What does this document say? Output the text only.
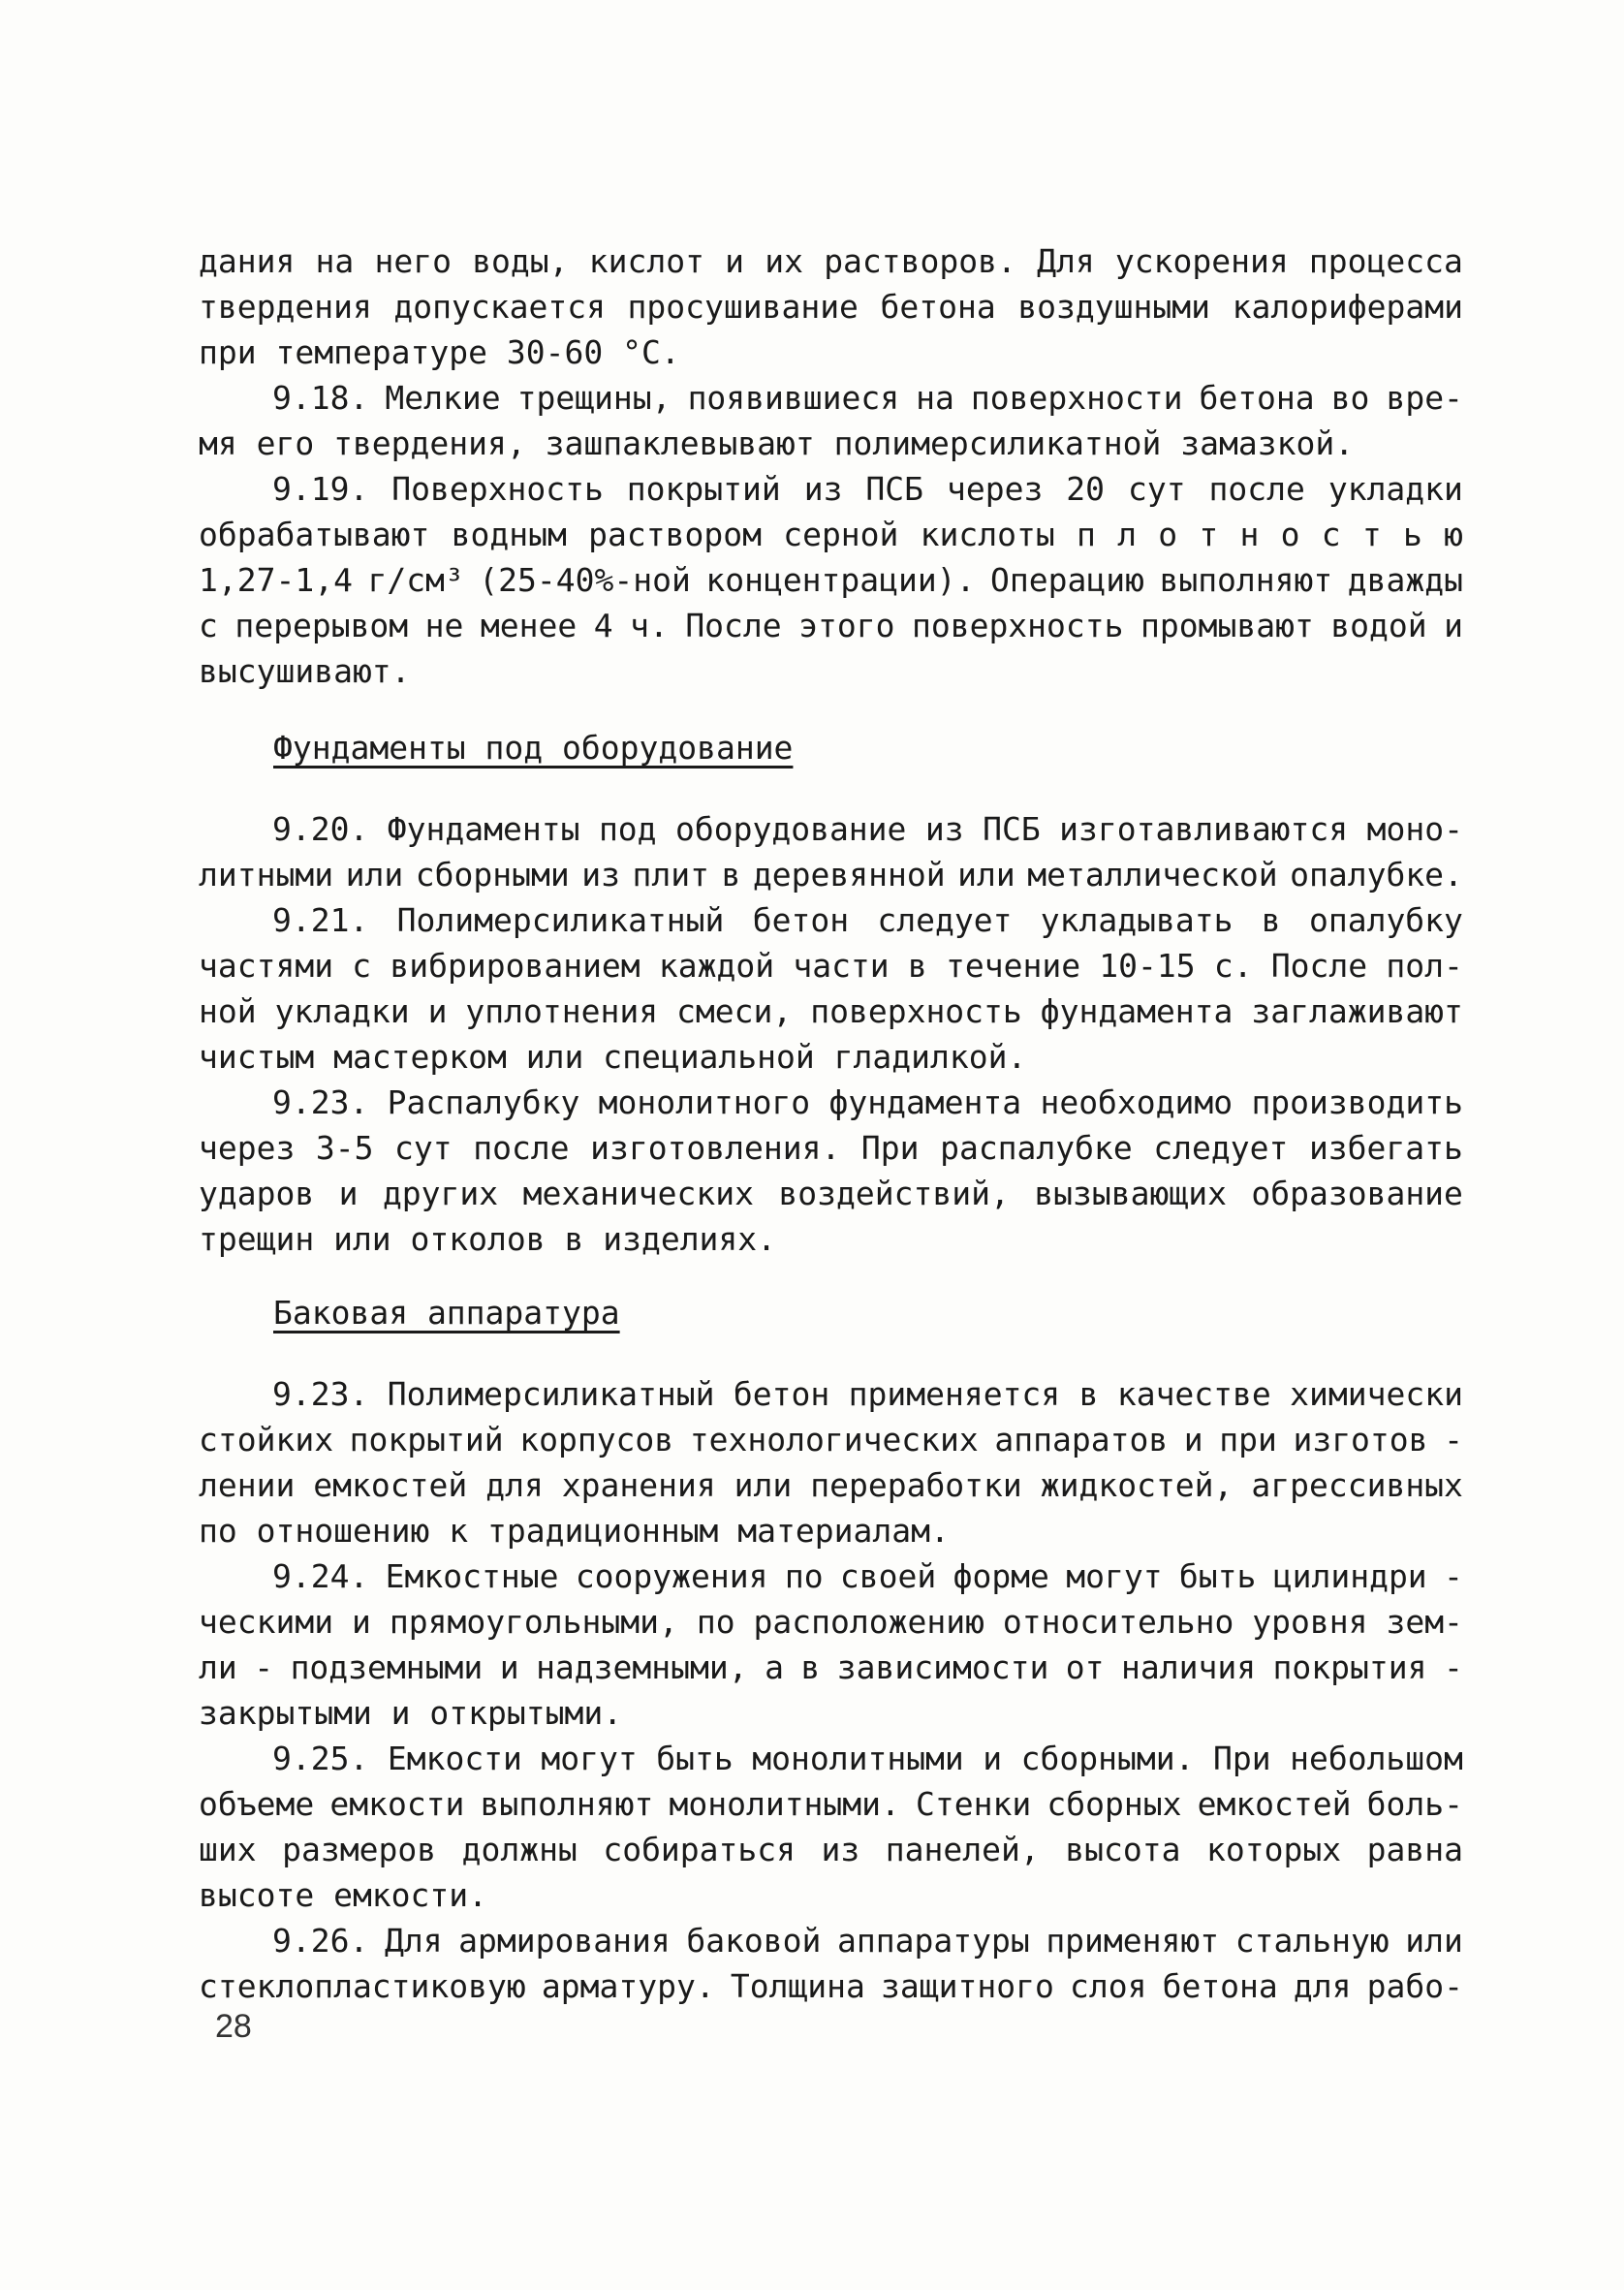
дания на него воды, кислот и их растворов. Для ускорения процесса
твердения допускается просушивание бетона воздушными калориферами
при температуре 30-60 °С.
9.18. Мелкие трещины, появившиеся на поверхности бетона во вре-
мя его твердения, зашпаклевывают полимерсиликатной замазкой.
9.19. Поверхность покрытий из ПСБ через 20 сут после укладки
обрабатывают водным раствором серной кислоты п л о т н о с т ь ю
1,27-1,4 г/см³ (25-40%-ной концентрации). Операцию выполняют дважды
с перерывом не менее 4 ч. После этого поверхность промывают водой и
высушивают.
Фундаменты под оборудование
9.20. Фундаменты под оборудование из ПСБ изготавливаются моно-
литными или сборными из плит в деревянной или металлической опалубке.
9.21. Полимерсиликатный бетон следует укладывать в опалубку
частями с вибрированием каждой части в течение 10-15 с. После пол-
ной укладки и уплотнения смеси, поверхность фундамента заглаживают
чистым мастерком или специальной гладилкой.
9.23. Распалубку монолитного фундамента необходимо производить
через 3-5 сут после изготовления. При распалубке следует избегать
ударов и других механических воздействий, вызывающих образование
трещин или отколов в изделиях.
Баковая аппаратура
9.23. Полимерсиликатный бетон применяется в качестве химически
стойких покрытий корпусов технологических аппаратов и при изготов -
лении емкостей для хранения или переработки жидкостей, агрессивных
по отношению к традиционным материалам.
9.24. Емкостные сооружения по своей форме могут быть цилиндри -
ческими и прямоугольными, по расположению относительно уровня зем-
ли - подземными и надземными, а в зависимости от наличия покрытия -
закрытыми и открытыми.
9.25. Емкости могут быть монолитными и сборными. При небольшом
объеме емкости выполняют монолитными. Стенки сборных емкостей боль-
ших размеров должны собираться из панелей, высота которых равна
высоте емкости.
9.26. Для армирования баковой аппаратуры применяют стальную или
стеклопластиковую арматуру. Толщина защитного слоя бетона для рабо-
28
